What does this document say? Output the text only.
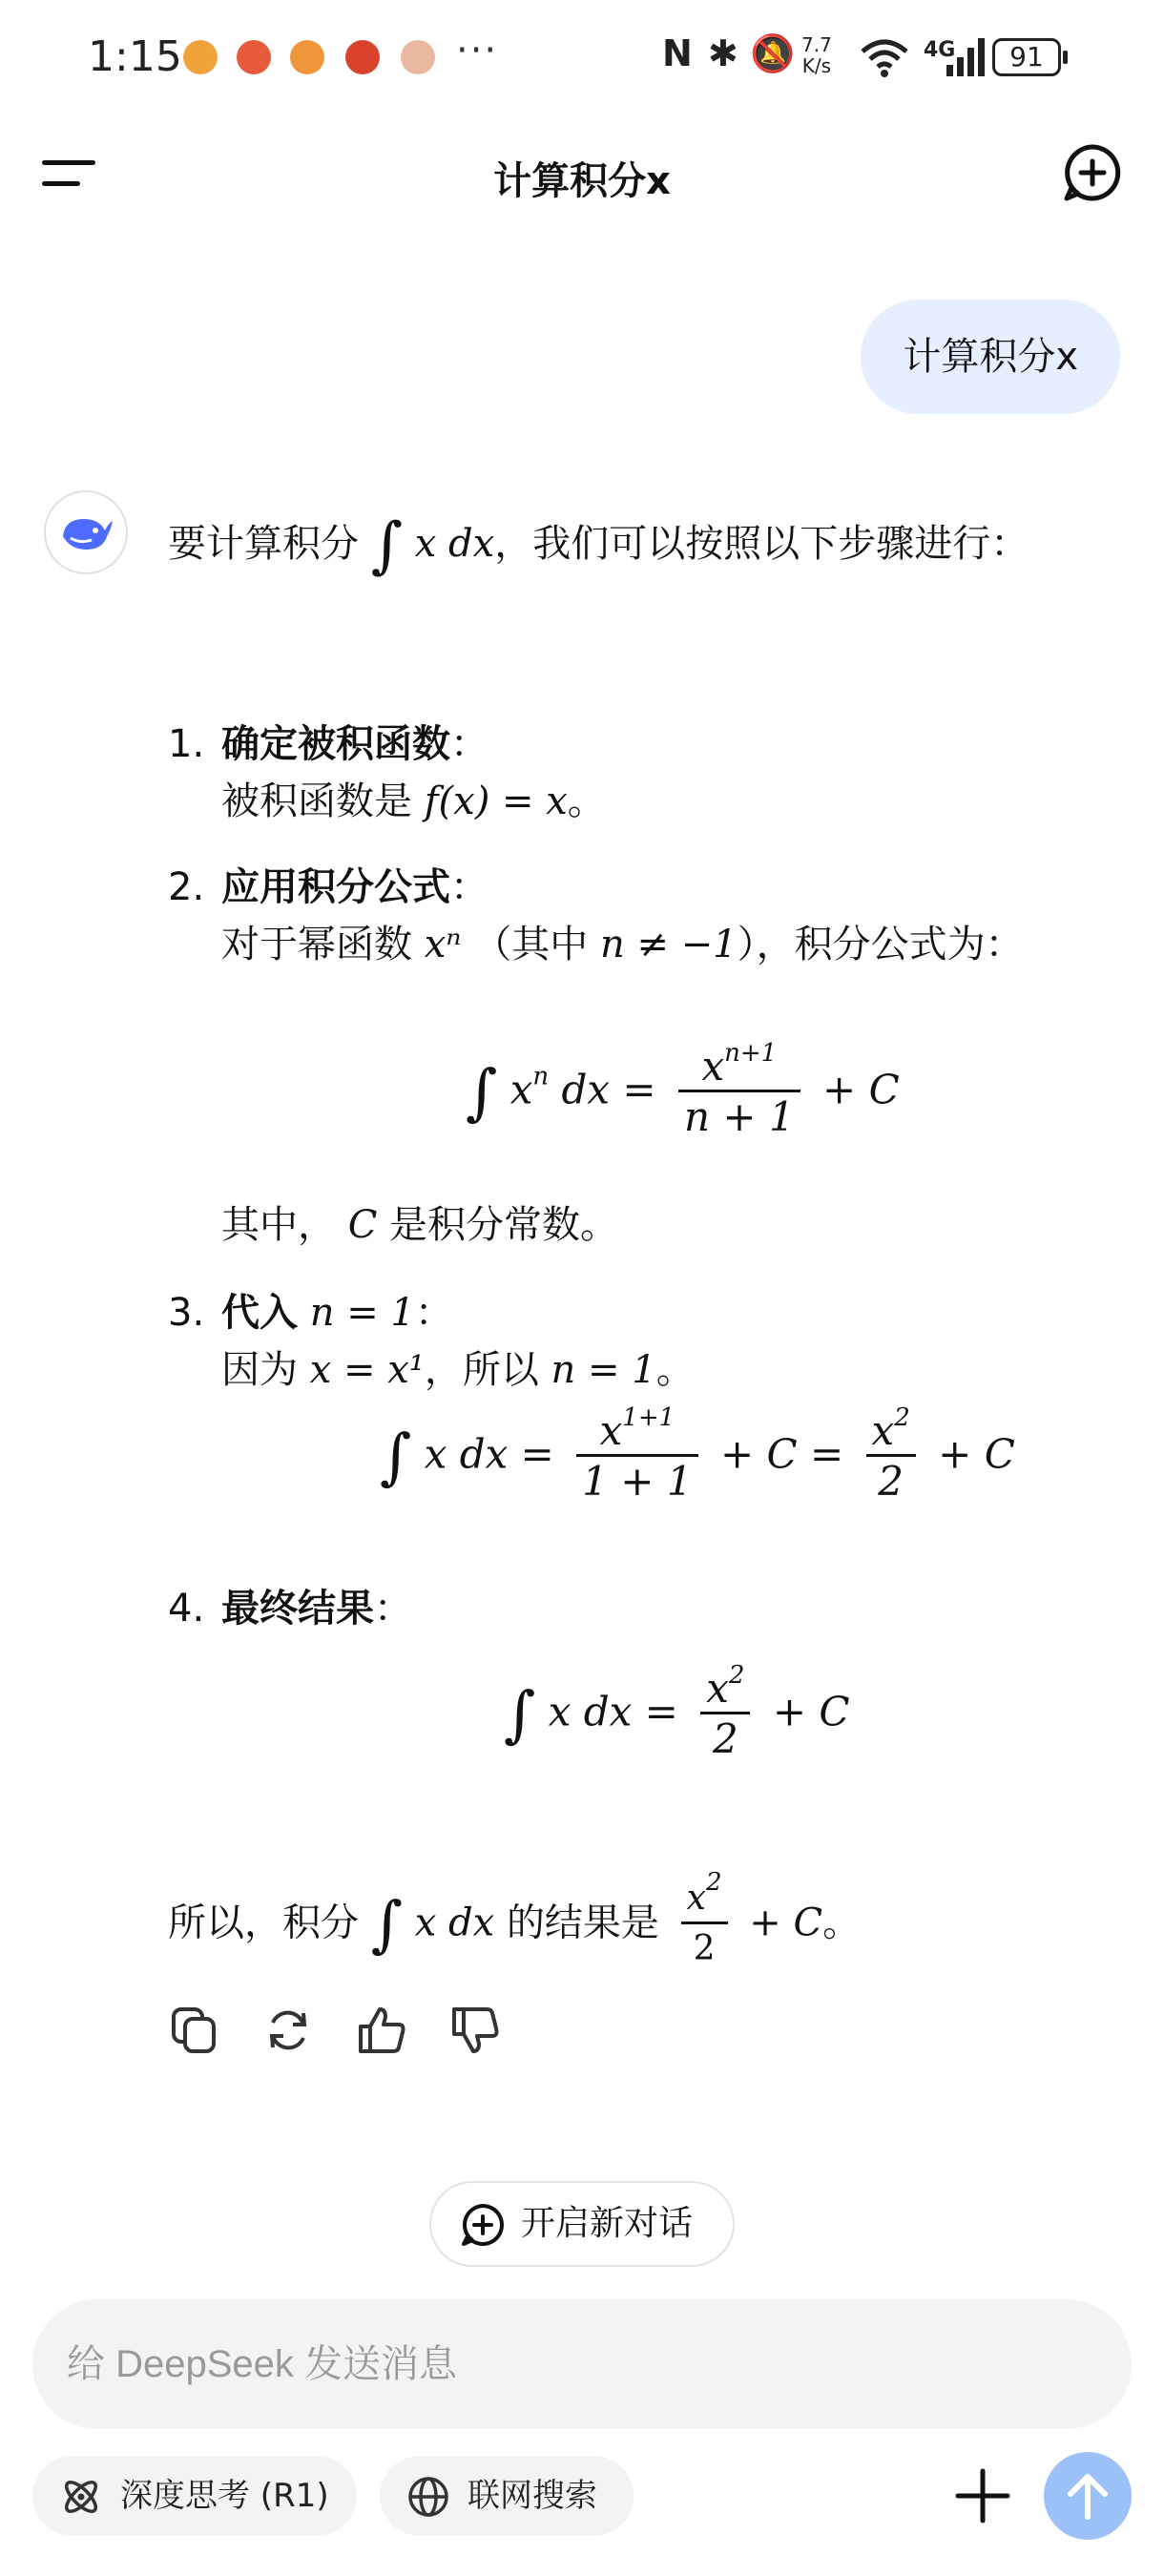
1:15	···	N ✱ 🔕 7.7
K/s
4G	91
计算积分x
计算积分x
要计算积分 ∫ x dx，我们可以按照以下步骤进行：
1. 确定被积函数：
被积函数是 f(x) = x。
2. 应用积分公式：
对于幂函数 xⁿ （其中 n ≠ −1），积分公式为：
∫ $x^n$ dx = $\frac{x^{n+1}}{n + 1} + C$
其中， C 是积分常数。
3. 代入 n = 1：
因为 x = x¹，所以 n = 1。
∫ x dx = $\frac{x^{1+1}}{1 + 1} + C = \frac{x^2}{2} + C$
4. 最终结果：
∫ x dx = $\frac{x^2}{2} + C$
所以，积分 ∫ x dx 的结果是 $\frac{x^2}{2} + C$。
开启新对话
给 DeepSeek 发送消息
深度思考 (R1)	联网搜索
